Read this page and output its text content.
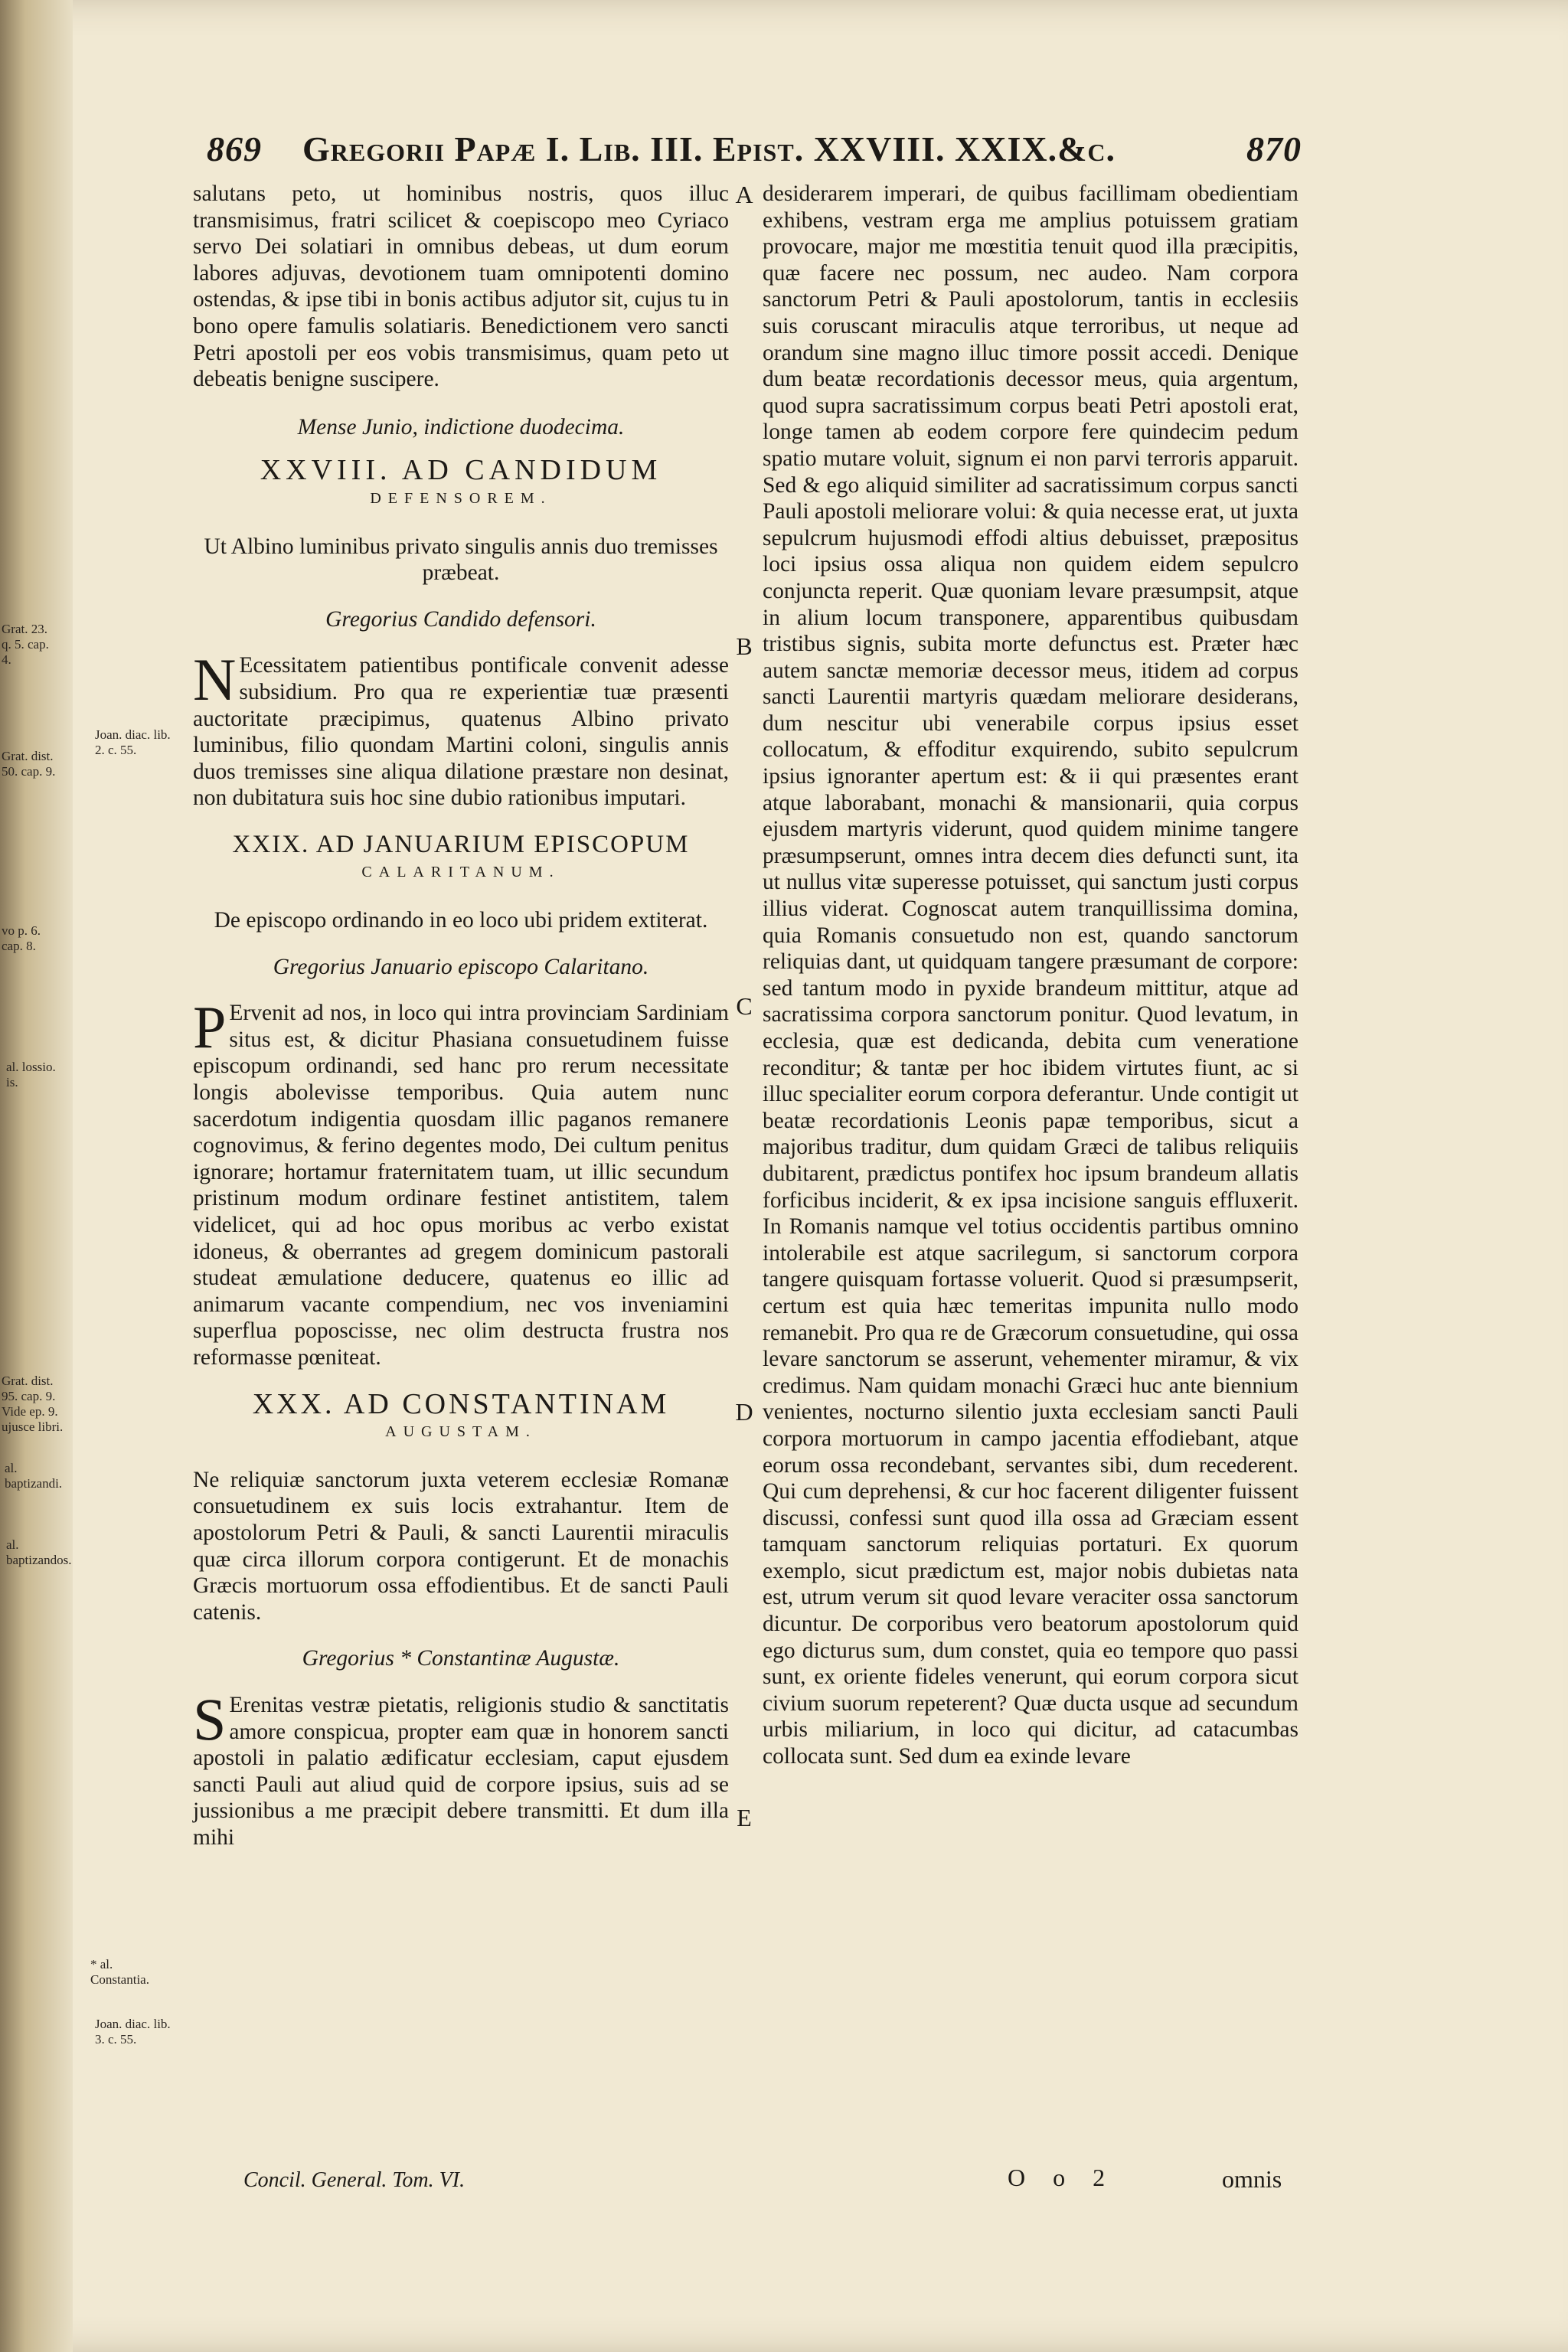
869 Gregorii Papæ I. Lib. III. Epist. XXVIII. XXIX.&c.	870

salutans peto, ut hominibus nostris, quos illuc transmisimus, fratri scilicet & coepiscopo meo Cyriaco servo Dei solatiari in omnibus debeas, ut dum eorum labores adjuvas, devotionem tuam omnipotenti domino ostendas, & ipse tibi in bonis actibus adjutor sit, cujus tu in bono opere famulis solatiaris. Benedictionem vero sancti Petri apostoli per eos vobis transmisimus, quam peto ut debeatis benigne suscipere.

Mense Junio, indictione duodecima.

XXVIII. AD CANDIDUM
DEFENSOREM.

Ut Albino luminibus privato singulis annis duo tremisses præbeat.

Gregorius Candido defensori.

N Ecessitatem patientibus pontificale convenit adesse subsidium. Pro qua re experientiæ tuæ præsenti auctoritate præcipimus, quatenus Albino privato luminibus, filio quondam Martini coloni, singulis annis duos tremisses sine aliqua dilatione præstare non desinat, non dubitatura suis hoc sine dubio rationibus imputari.

XXIX. AD JANUARIUM EPISCOPUM
CALARITANUM.

De episcopo ordinando in eo loco ubi pridem extiterat.

Gregorius Januario episcopo Calaritano.

P Ervenit ad nos, in loco qui intra provinciam Sardiniam situs est, & dicitur Phasiana consuetudinem fuisse episcopum ordinandi, sed hanc pro rerum necessitate longis abolevisse temporibus. Quia autem nunc sacerdotum indigentia quosdam illic paganos remanere cognovimus, & ferino degentes modo, Dei cultum penitus ignorare; hortamur fraternitatem tuam, ut illic secundum pristinum modum ordinare festinet antistitem, talem videlicet, qui ad hoc opus moribus ac verbo existat idoneus, & oberrantes ad gregem dominicum pastorali studeat æmulatione deducere, quatenus eo illic ad animarum vacante compendium, nec vos inveniamini superflua poposcisse, nec olim destructa frustra nos reformasse pœniteat.

XXX. AD CONSTANTINAM
AUGUSTAM.

Ne reliquiæ sanctorum juxta veterem ecclesiæ Romanæ consuetudinem ex suis locis extrahantur. Item de apostolorum Petri & Pauli, & sancti Laurentii miraculis quæ circa illorum corpora contigerunt. Et de monachis Græcis mortuorum ossa effodientibus. Et de sancti Pauli catenis.

Gregorius * Constantinæ Augustæ.

S Erenitas vestræ pietatis, religionis studio & sanctitatis amore conspicua, propter eam quæ in honorem sancti apostoli in palatio ædificatur ecclesiam, caput ejusdem sancti Pauli aut aliud quid de corpore ipsius, suis ad se jussionibus a me præcipit debere transmitti. Et dum illa mihi

desiderarem imperari, de quibus facillimam obedientiam exhibens, vestram erga me amplius potuissem gratiam provocare, major me mœstitia tenuit quod illa præcipitis, quæ facere nec possum, nec audeo. Nam corpora sanctorum Petri & Pauli apostolorum, tantis in ecclesiis suis coruscant miraculis atque terroribus, ut neque ad orandum sine magno illuc timore possit accedi. Denique dum beatæ recordationis decessor meus, quia argentum, quod supra sacratissimum corpus beati Petri apostoli erat, longe tamen ab eodem corpore fere quindecim pedum spatio mutare voluit, signum ei non parvi terroris apparuit. Sed & ego aliquid similiter ad sacratissimum corpus sancti Pauli apostoli meliorare volui: & quia necesse erat, ut juxta sepulcrum hujusmodi effodi altius debuisset, præpositus loci ipsius ossa aliqua non quidem eidem sepulcro conjuncta reperit. Quæ quoniam levare præsumpsit, atque in alium locum transponere, apparentibus quibusdam tristibus signis, subita morte defunctus est. Præter hæc autem sanctæ memoriæ decessor meus, itidem ad corpus sancti Laurentii martyris quædam meliorare desiderans, dum nescitur ubi venerabile corpus ipsius esset collocatum, & effoditur exquirendo, subito sepulcrum ipsius ignoranter apertum est: & ii qui præsentes erant atque laborabant, monachi & mansionarii, quia corpus ejusdem martyris viderunt, quod quidem minime tangere præsumpserunt, omnes intra decem dies defuncti sunt, ita ut nullus vitæ superesse potuisset, qui sanctum justi corpus illius viderat. Cognoscat autem tranquillissima domina, quia Romanis consuetudo non est, quando sanctorum reliquias dant, ut quidquam tangere præsumant de corpore: sed tantum modo in pyxide brandeum mittitur, atque ad sacratissima corpora sanctorum ponitur. Quod levatum, in ecclesia, quæ est dedicanda, debita cum veneratione reconditur; & tantæ per hoc ibidem virtutes fiunt, ac si illuc specialiter eorum corpora deferantur. Unde contigit ut beatæ recordationis Leonis papæ temporibus, sicut a majoribus traditur, dum quidam Græci de talibus reliquiis dubitarent, prædictus pontifex hoc ipsum brandeum allatis forficibus inciderit, & ex ipsa incisione sanguis effluxerit. In Romanis namque vel totius occidentis partibus omnino intolerabile est atque sacrilegum, si sanctorum corpora tangere quisquam fortasse voluerit. Quod si præsumpserit, certum est quia hæc temeritas impunita nullo modo remanebit. Pro qua re de Græcorum consuetudine, qui ossa levare sanctorum se asserunt, vehementer miramur, & vix credimus. Nam quidam monachi Græci huc ante biennium venientes, nocturno silentio juxta ecclesiam sancti Pauli corpora mortuorum in campo jacentia effodiebant, atque eorum ossa recondebant, servantes sibi, dum recederent. Qui cum deprehensi, & cur hoc facerent diligenter fuissent discussi, confessi sunt quod illa ossa ad Græciam essent tamquam sanctorum reliquias portaturi. Ex quorum exemplo, sicut prædictum est, major nobis dubietas nata est, utrum verum sit quod levare veraciter ossa sanctorum dicuntur. De corporibus vero beatorum apostolorum quid ego dicturus sum, dum constet, quia eo tempore quo passi sunt, ex oriente fideles venerunt, qui eorum corpora sicut civium suorum repeterent? Quæ ducta usque ad secundum urbis miliarium, in loco qui dicitur, ad catacumbas collocata sunt. Sed dum ea exinde levare

A
B
C
D
E
Grat. 23. q. 5. cap. 4.
Joan. diac. lib. 2. c. 55.
Grat. dist. 50. cap. 9.
vo p. 6. cap. 8.
al. lossio. is.
Grat. dist. 95. cap. 9. Vide ep. 9. ujusce libri.
al. baptizandi.
al. baptizandos.
* al. Constantia.
Joan. diac. lib. 3. c. 55.
Concil. General. Tom. VI.	O o 2	omnis
